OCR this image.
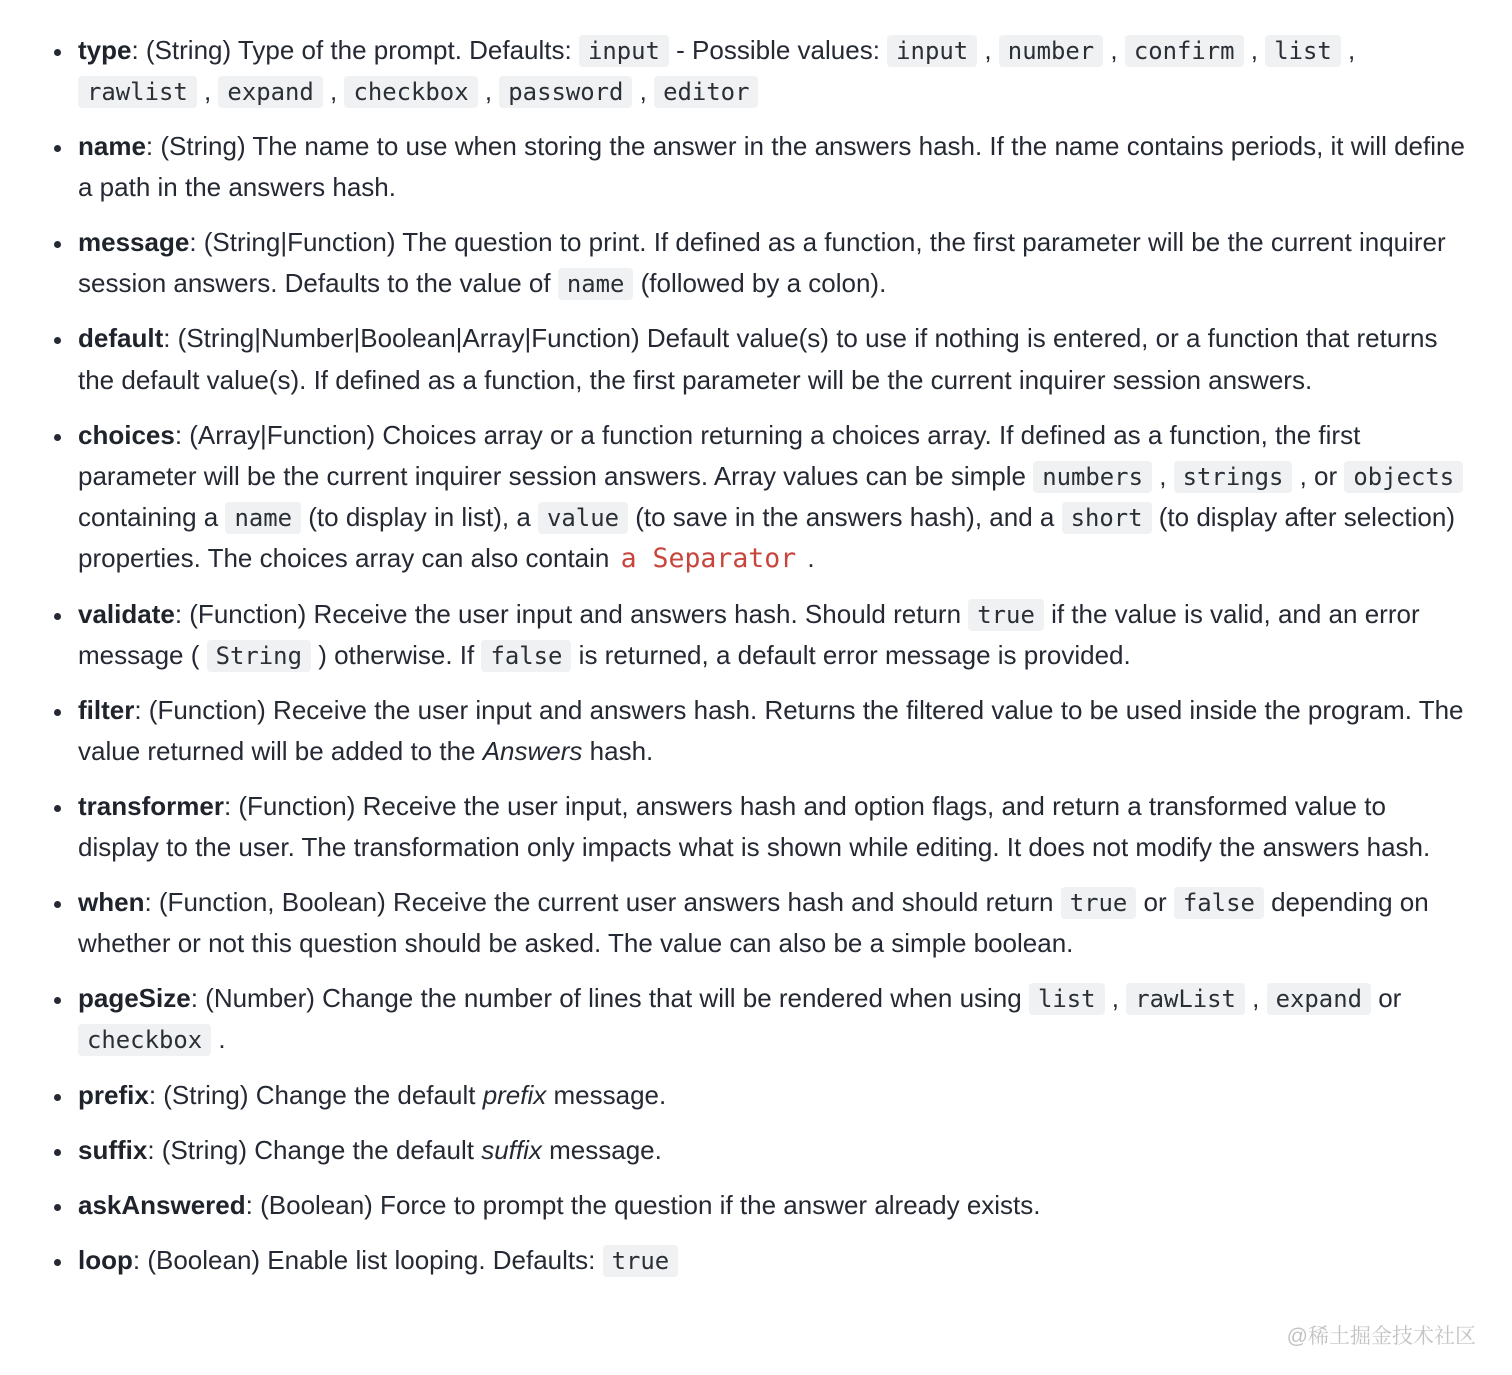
• type: (String) Type of the prompt. Defaults: input - Possible values: input , number , confirm , list , rawlist , expand , checkbox , password , editor
• name: (String) The name to use when storing the answer in the answers hash. If the name contains periods, it will define a path in the answers hash.
• message: (String|Function) The question to print. If defined as a function, the first parameter will be the current inquirer session answers. Defaults to the value of name (followed by a colon).
• default: (String|Number|Boolean|Array|Function) Default value(s) to use if nothing is entered, or a function that returns the default value(s). If defined as a function, the first parameter will be the current inquirer session answers.
• choices: (Array|Function) Choices array or a function returning a choices array. If defined as a function, the first parameter will be the current inquirer session answers. Array values can be simple numbers , strings , or objects containing a name (to display in list), a value (to save in the answers hash), and a short (to display after selection) properties. The choices array can also contain a Separator .
• validate: (Function) Receive the user input and answers hash. Should return true if the value is valid, and an error message ( String ) otherwise. If false is returned, a default error message is provided.
• filter: (Function) Receive the user input and answers hash. Returns the filtered value to be used inside the program. The value returned will be added to the Answers hash.
• transformer: (Function) Receive the user input, answers hash and option flags, and return a transformed value to display to the user. The transformation only impacts what is shown while editing. It does not modify the answers hash.
• when: (Function, Boolean) Receive the current user answers hash and should return true or false depending on whether or not this question should be asked. The value can also be a simple boolean.
• pageSize: (Number) Change the number of lines that will be rendered when using list , rawList , expand or checkbox .
• prefix: (String) Change the default prefix message.
• suffix: (String) Change the default suffix message.
• askAnswered: (Boolean) Force to prompt the question if the answer already exists.
• loop: (Boolean) Enable list looping. Defaults: true
@稀土掘金技术社区
